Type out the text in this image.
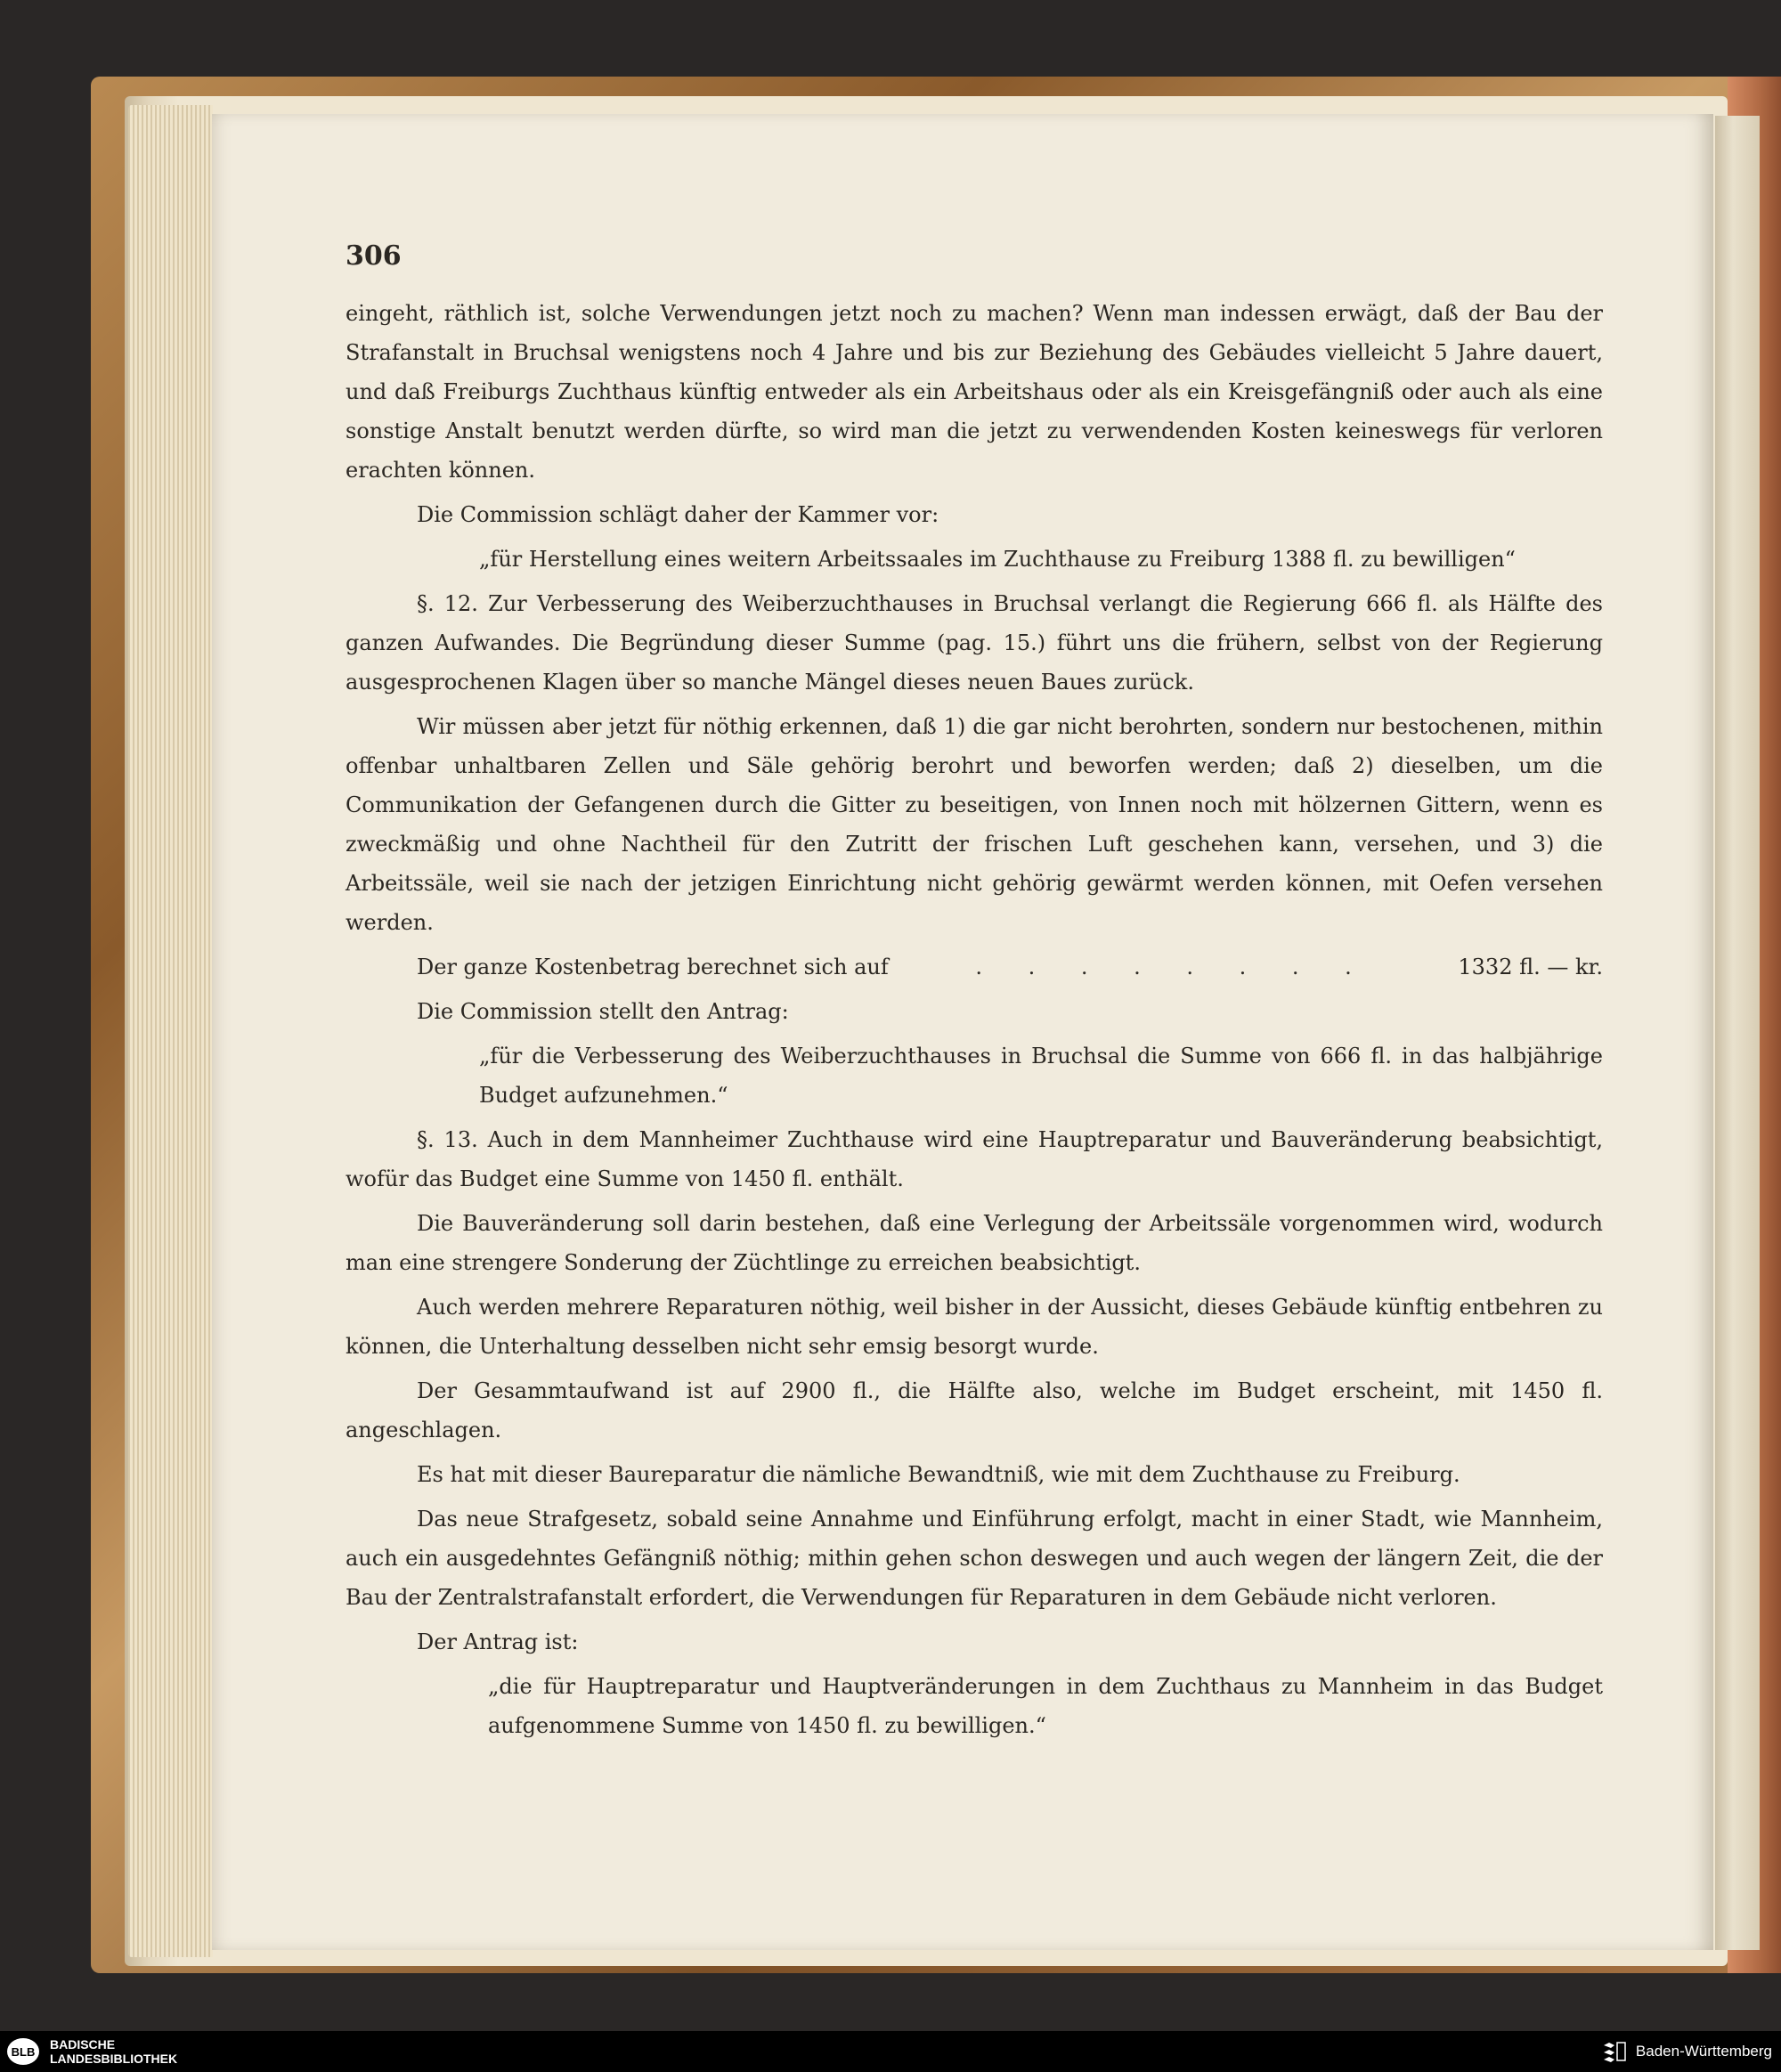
306

eingeht, räthlich ist, solche Verwendungen jetzt noch zu machen? Wenn man indessen erwägt, daß der Bau der Strafanstalt in Bruchsal wenigstens noch 4 Jahre und bis zur Beziehung des Gebäudes vielleicht 5 Jahre dauert, und daß Freiburgs Zuchthaus künftig entweder als ein Arbeitshaus oder als ein Kreisgefängniß oder auch als eine sonstige Anstalt benutzt werden dürfte, so wird man die jetzt zu verwendenden Kosten keineswegs für verloren erachten können.

Die Commission schlägt daher der Kammer vor:

„für Herstellung eines weitern Arbeitssaales im Zuchthause zu Freiburg 1388 fl. zu bewilligen“

§. 12. Zur Verbesserung des Weiberzuchthauses in Bruchsal verlangt die Regierung 666 fl. als Hälfte des ganzen Aufwandes. Die Begründung dieser Summe (pag. 15.) führt uns die frühern, selbst von der Regierung ausgesprochenen Klagen über so manche Mängel dieses neuen Baues zurück.

Wir müssen aber jetzt für nöthig erkennen, daß 1) die gar nicht berohrten, sondern nur bestochenen, mithin offenbar unhaltbaren Zellen und Säle gehörig berohrt und beworfen werden; daß 2) dieselben, um die Communikation der Gefangenen durch die Gitter zu beseitigen, von Innen noch mit hölzernen Gittern, wenn es zweckmäßig und ohne Nachtheil für den Zutritt der frischen Luft geschehen kann, versehen, und 3) die Arbeitssäle, weil sie nach der jetzigen Einrichtung nicht gehörig gewärmt werden können, mit Oefen versehen werden.

Der ganze Kostenbetrag berechnet sich auf	. . . . . . . .	1332 fl. — kr.

Die Commission stellt den Antrag:

„für die Verbesserung des Weiberzuchthauses in Bruchsal die Summe von 666 fl. in das halbjährige Budget aufzunehmen.“

§. 13. Auch in dem Mannheimer Zuchthause wird eine Hauptreparatur und Bauveränderung beabsichtigt, wofür das Budget eine Summe von 1450 fl. enthält.

Die Bauveränderung soll darin bestehen, daß eine Verlegung der Arbeitssäle vorgenommen wird, wodurch man eine strengere Sonderung der Züchtlinge zu erreichen beabsichtigt.

Auch werden mehrere Reparaturen nöthig, weil bisher in der Aussicht, dieses Gebäude künftig entbehren zu können, die Unterhaltung desselben nicht sehr emsig besorgt wurde.

Der Gesammtaufwand ist auf 2900 fl., die Hälfte also, welche im Budget erscheint, mit 1450 fl. angeschlagen.

Es hat mit dieser Baureparatur die nämliche Bewandtniß, wie mit dem Zuchthause zu Freiburg.

Das neue Strafgesetz, sobald seine Annahme und Einführung erfolgt, macht in einer Stadt, wie Mannheim, auch ein ausgedehntes Gefängniß nöthig; mithin gehen schon deswegen und auch wegen der längern Zeit, die der Bau der Zentralstrafanstalt erfordert, die Verwendungen für Reparaturen in dem Gebäude nicht verloren.

Der Antrag ist:

„die für Hauptreparatur und Hauptveränderungen in dem Zuchthaus zu Mannheim in das Budget aufgenommene Summe von 1450 fl. zu bewilligen.“

BLB	BADISCHE
LANDESBIBLIOTHEK	Baden-Württemberg
